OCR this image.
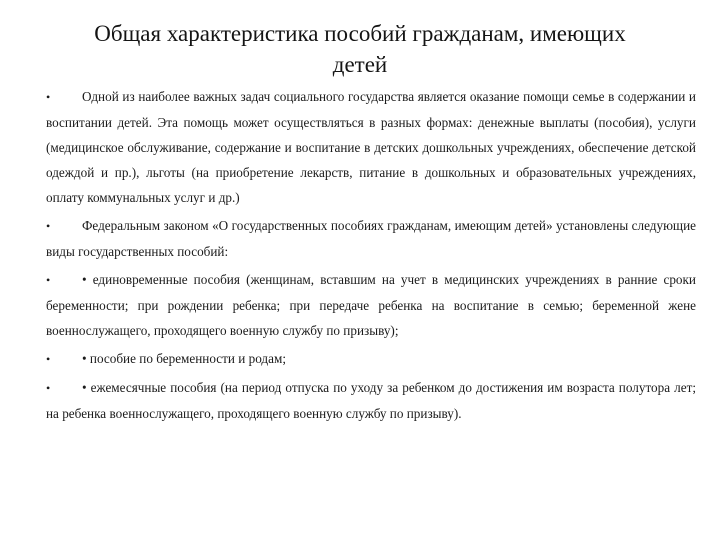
Общая характеристика пособий гражданам, имеющих
детей

• Одной из наиболее важных задач социального государства является оказание помощи семье в содержании и воспитании детей. Эта помощь может осуществляться в разных формах: денежные выплаты (пособия), услуги (медицинское обслуживание, содержание и воспитание в детских дошкольных учреждениях, обеспечение детской одеждой и пр.), льготы (на приобретение лекарств, питание в дошкольных и образовательных учреждениях, оплату коммунальных услуг и др.)

• Федеральным законом «О государственных пособиях гражданам, имеющим детей» установлены следующие виды государственных пособий:

• • единовременные пособия (женщинам, вставшим на учет в медицинских учреждениях в ранние сроки беременности; при рождении ребенка; при передаче ребенка на воспитание в семью; беременной жене военнослужащего, проходящего военную службу по призыву);

• • пособие по беременности и родам;

• • ежемесячные пособия (на период отпуска по уходу за ребенком до достижения им возраста полутора лет; на ребенка военнослужащего, проходящего военную службу по призыву).
